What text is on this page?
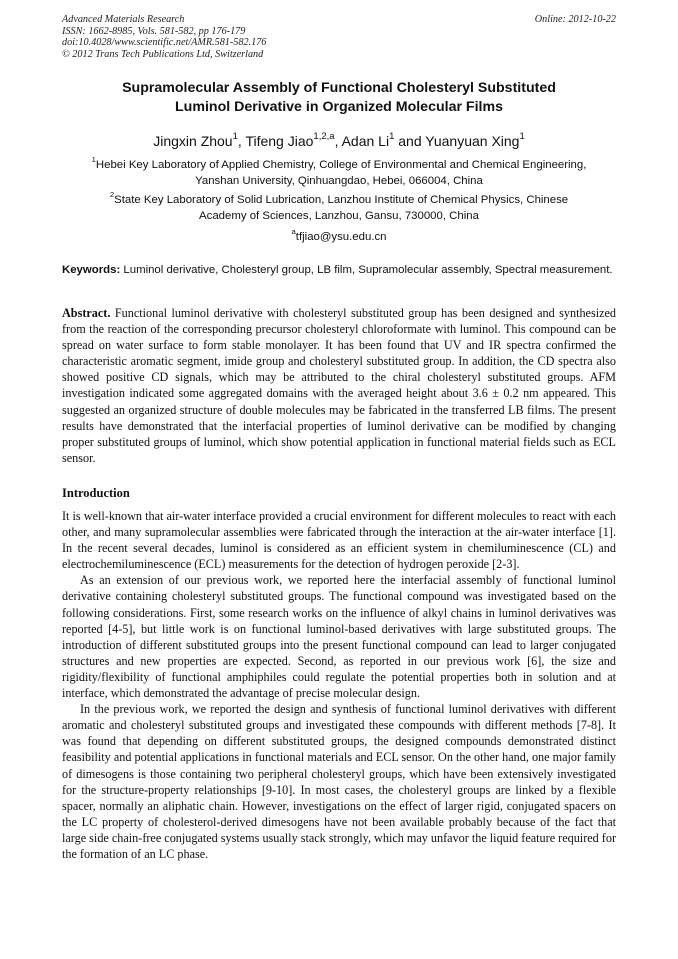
Advanced Materials Research
ISSN: 1662-8985, Vols. 581-582, pp 176-179
doi:10.4028/www.scientific.net/AMR.581-582.176
© 2012 Trans Tech Publications Ltd, Switzerland
Online: 2012-10-22
Supramolecular Assembly of Functional Cholesteryl Substituted
Luminol Derivative in Organized Molecular Films
Jingxin Zhou$^1$, Tifeng Jiao$^{1,2,a}$, Adan Li$^1$ and Yuanyuan Xing$^1$
$^1$Hebei Key Laboratory of Applied Chemistry, College of Environmental and Chemical Engineering,
Yanshan University, Qinhuangdao, Hebei, 066004, China
$^2$State Key Laboratory of Solid Lubrication, Lanzhou Institute of Chemical Physics, Chinese
Academy of Sciences, Lanzhou, Gansu, 730000, China
$^a$tfjiao@ysu.edu.cn
Keywords: Luminol derivative, Cholesteryl group, LB film, Supramolecular assembly, Spectral measurement.
Abstract. Functional luminol derivative with cholesteryl substituted group has been designed and synthesized from the reaction of the corresponding precursor cholesteryl chloroformate with luminol. This compound can be spread on water surface to form stable monolayer. It has been found that UV and IR spectra confirmed the characteristic aromatic segment, imide group and cholesteryl substituted group. In addition, the CD spectra also showed positive CD signals, which may be attributed to the chiral cholesteryl substituted groups. AFM investigation indicated some aggregated domains with the averaged height about 3.6 ± 0.2 nm appeared. This suggested an organized structure of double molecules may be fabricated in the transferred LB films. The present results have demonstrated that the interfacial properties of luminol derivative can be modified by changing proper substituted groups of luminol, which show potential application in functional material fields such as ECL sensor.
Introduction

It is well-known that air-water interface provided a crucial environment for different molecules to react with each other, and many supramolecular assemblies were fabricated through the interaction at the air-water interface [1]. In the recent several decades, luminol is considered as an efficient system in chemiluminescence (CL) and electrochemiluminescence (ECL) measurements for the detection of hydrogen peroxide [2-3].

As an extension of our previous work, we reported here the interfacial assembly of functional luminol derivative containing cholesteryl substituted groups. The functional compound was investigated based on the following considerations. First, some research works on the influence of alkyl chains in luminol derivatives was reported [4-5], but little work is on functional luminol-based derivatives with large substituted groups. The introduction of different substituted groups into the present functional compound can lead to larger conjugated structures and new properties are expected. Second, as reported in our previous work [6], the size and rigidity/flexibility of functional amphiphiles could regulate the potential properties both in solution and at interface, which demonstrated the advantage of precise molecular design.

In the previous work, we reported the design and synthesis of functional luminol derivatives with different aromatic and cholesteryl substituted groups and investigated these compounds with different methods [7-8]. It was found that depending on different substituted groups, the designed compounds demonstrated distinct feasibility and potential applications in functional materials and ECL sensor. On the other hand, one major family of dimesogens is those containing two peripheral cholesteryl groups, which have been extensively investigated for the structure-property relationships [9-10]. In most cases, the cholesteryl groups are linked by a flexible spacer, normally an aliphatic chain. However, investigations on the effect of larger rigid, conjugated spacers on the LC property of cholesterol-derived dimesogens have not been available probably because of the fact that large side chain-free conjugated systems usually stack strongly, which may unfavor the liquid feature required for the formation of an LC phase.
